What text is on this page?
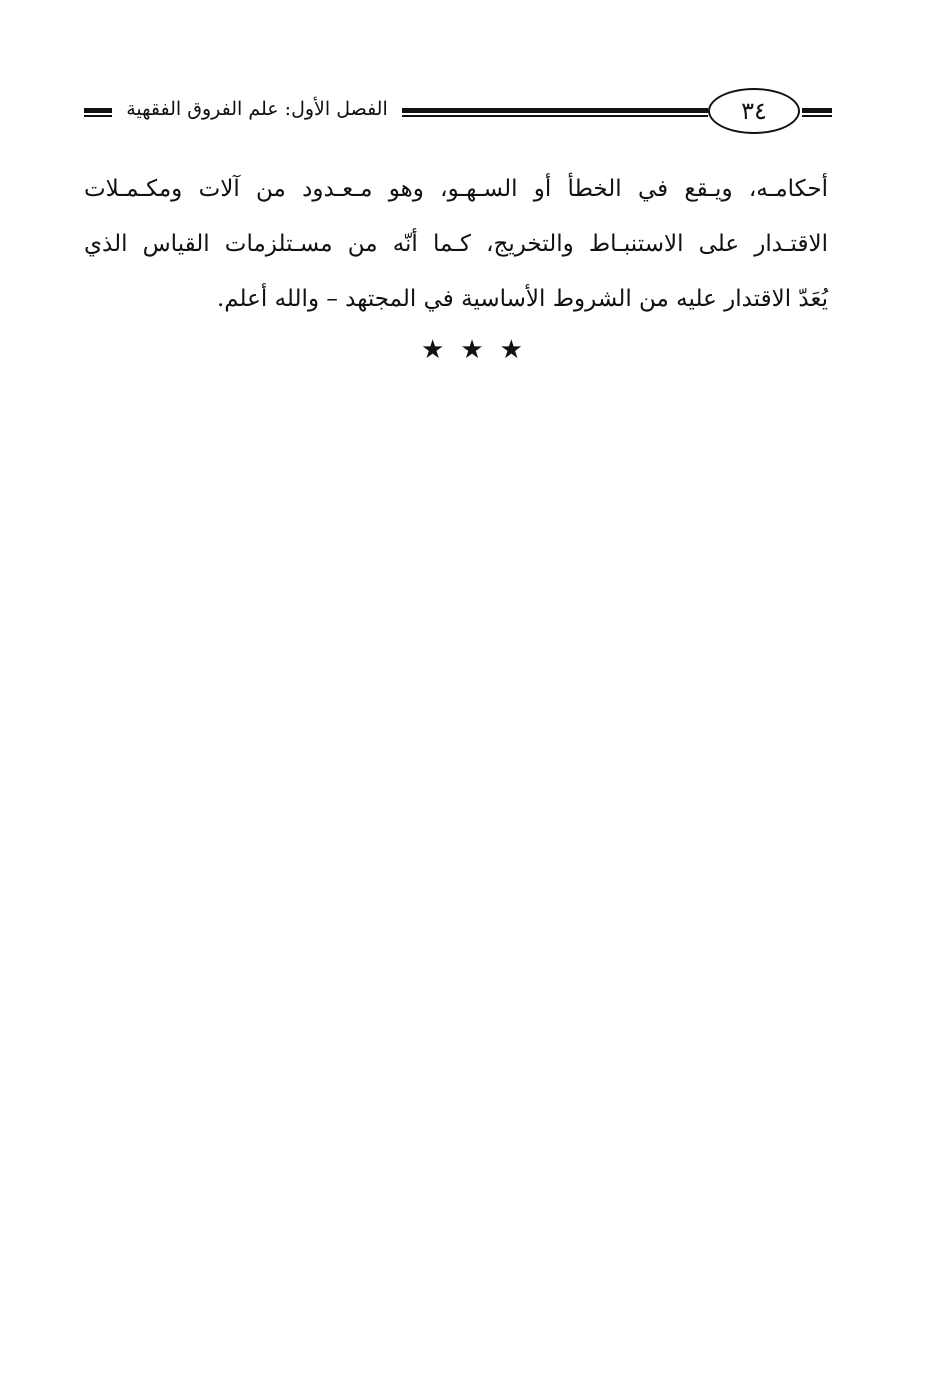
الفصل الأول: علم الفروق الفقهية	٣٤
أحكامـه، ويـقع في الخطأ أو السـهـو، وهو مـعـدود من آلات ومكـمـلات
الاقتـدار على الاستنبـاط والتخريج، كـما أنّه من مسـتلزمات القياس الذي
يُعَدّ الاقتدار عليه من الشروط الأساسية في المجتهد – والله أعلم.
★★★
